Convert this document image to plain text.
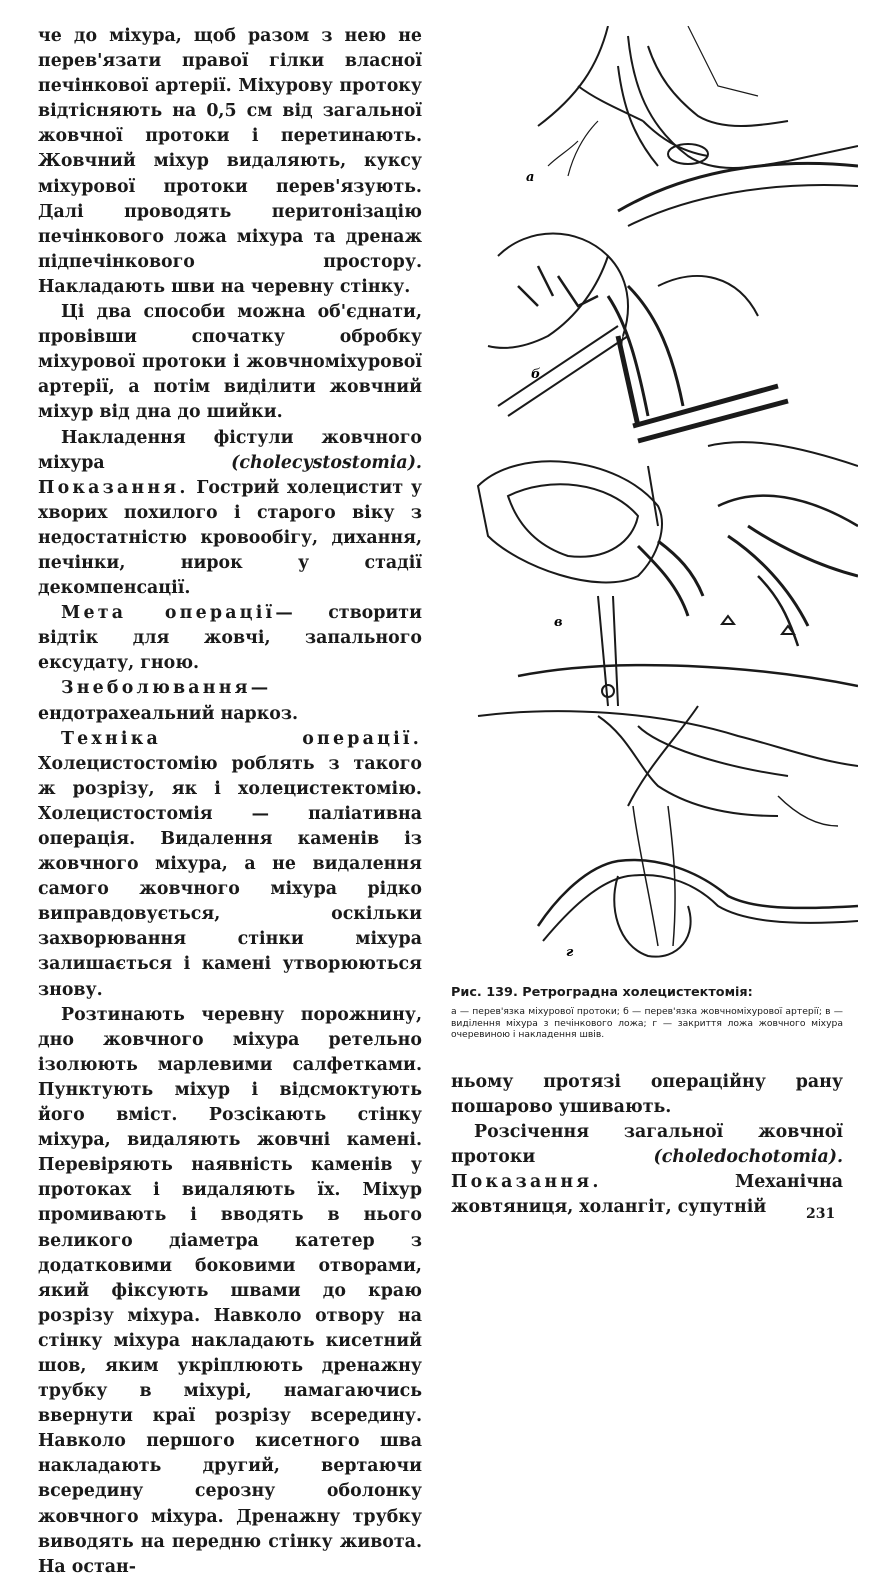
че до міхура, щоб разом з нею не перев'язати правої гілки власної печінкової артерії. Міхурову протоку відтісняють на 0,5 см від загальної жовчної протоки і перетинають. Жовчний міхур видаляють, куксу міхурової протоки перев'язують. Далі проводять перитонізацію печінкового ложа міхура та дренаж підпечінкового простору. Накладають шви на черевну стінку.

Ці два способи можна об'єднати, провівши спочатку обробку міхурової протоки і жовчноміхурової артерії, а потім виділити жовчний міхур від дна до шийки.

Накладення фістули жовчного міхура	(cholecystostomia). Показання. Гострий холецистит у хворих похилого і старого віку з недостатністю кровообігу, дихання, печінки, нирок у стадії декомпенсації.

Мета операції— створити відтік для жовчі, запального ексудату, гною.

Знеболювання— ендотрахеальний наркоз.

Техніка операції. Холецистостомію роблять з такого ж розрізу, як і холецистектомію. Холецистостомія — паліативна операція. Видалення каменів із жовчного міхура, а не видалення самого жовчного міхура рідко виправдовується, оскільки захворювання стінки міхура залишається і камені утворюються знову.

Розтинають черевну порожнину, дно жовчного міхура ретельно ізолюють марлевими салфетками. Пунктують міхур і відсмоктують його вміст. Розсікають стінку міхура, видаляють жовчні камені. Перевіряють наявність каменів у протоках і видаляють їх. Міхур промивають і вводять в нього великого діаметра катетер з додатковими боковими отворами, який фіксують швами до краю розрізу міхура. Навколо отвору на стінку міхура накладають кисетний шов, яким укріплюють дренажну трубку в міхурі, намагаючись ввернути краї розрізу всередину. Навколо першого кисетного шва накладають другий, вертаючи всередину серозну оболонку жовчного міхура. Дренажну трубку виводять на передню стінку живота. На остан-

а
б
в
г
Рис. 139. Ретроградна холецистектомія:
а — перев'язка міхурової протоки; б — перев'язка жовчноміхурової артерії; в — виділення міхура з печінкового ложа; г — закриття ложа жовчного міхура очеревиною і накладення швів.

ньому протязі операційну рану пошарово ушивають.

Розсічення загальної жовчної протоки	(choledochotomia). Показання.	Механічна жовтяниця, холангіт, супутній	231
